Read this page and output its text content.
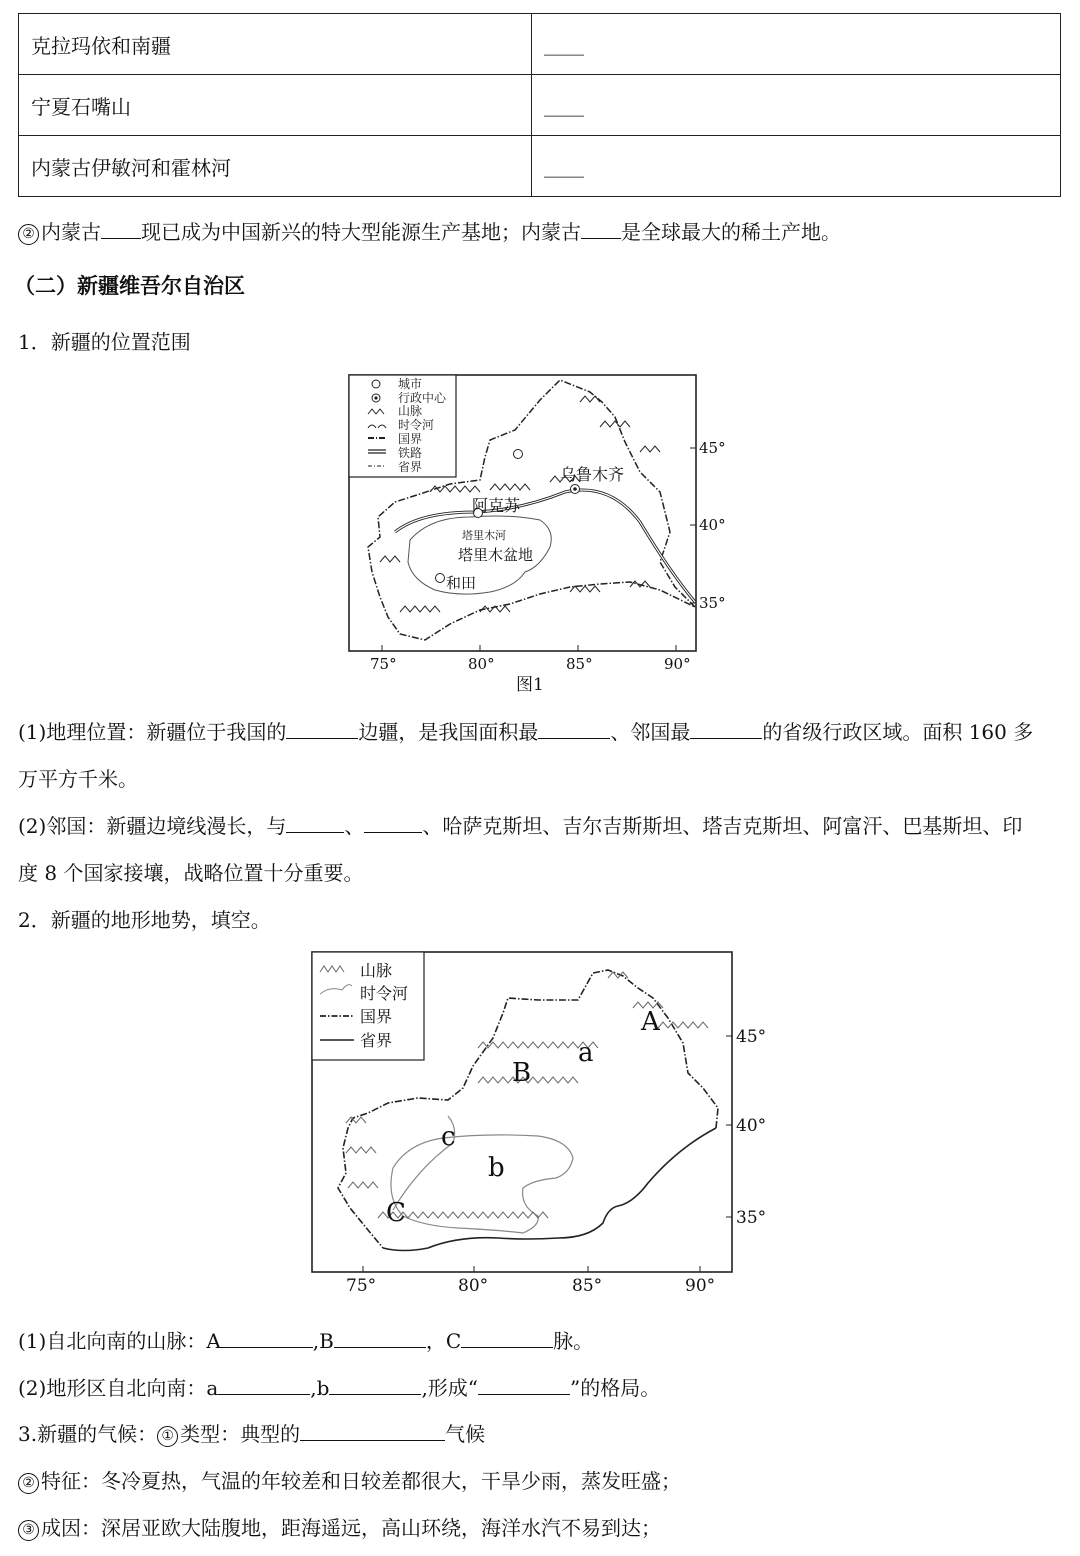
克拉玛依和南疆	____
宁夏石嘴山	____
内蒙古伊敏河和霍林河	____
② 内蒙古 现已成为中国新兴的特大型能源生产基地；内蒙古 是全球最大的稀土产地。
（二）新疆维吾尔自治区
1．新疆的位置范围
城市
行政中心
山脉
时令河
国界
铁路
省界	乌鲁木齐
阿克苏
和田
塔里木河
塔里木盆地
45°
40°
35°
75°	80°	85°	90°
图1
(1)地理位置：新疆位于我国的	边疆，是我国面积最	、邻国最	的省级行政区域。面积 160 多
万平方千米。
(2)邻国：新疆边境线漫长，与	、	、哈萨克斯坦、吉尔吉斯斯坦、塔吉克斯坦、阿富汗、巴基斯坦、印
度 8 个国家接壤，战略位置十分重要。
2．新疆的地形地势，填空。
山脉
时令河
国界
省界
A
B
C
a
b
c
45°
40°
35°
75°	80°	85°	90°
(1)自北向南的山脉：A	,B	，C	脉。
(2)地形区自北向南：a	,b	,形成“	”的格局。
3.新疆的气候： ① 类型：典型的	气候
② 特征：冬冷夏热，气温的年较差和日较差都很大，干旱少雨，蒸发旺盛；
③ 成因：深居亚欧大陆腹地，距海遥远，高山环绕，海洋水汽不易到达；
